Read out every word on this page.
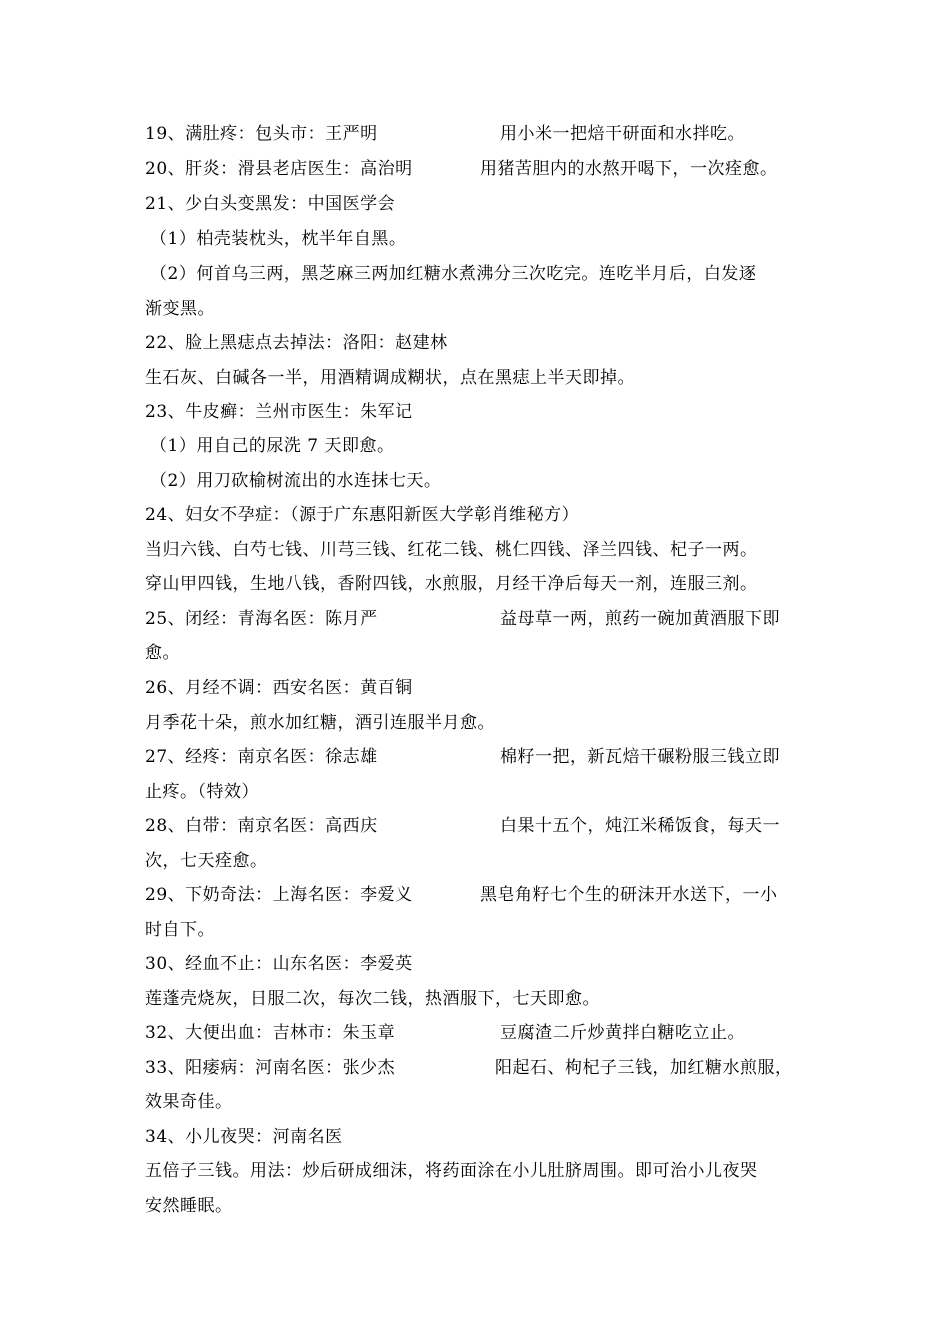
19、满肚疼：包头市：王严明	用小米一把焙干研面和水拌吃。
20、肝炎：滑县老店医生：高治明	用猪苦胆内的水熬开喝下，一次痊愈。
21、少白头变黑发：中国医学会
（1）柏壳装枕头，枕半年自黑。
（2）何首乌三两，黑芝麻三两加红糖水煮沸分三次吃完。连吃半月后，白发逐
渐变黑。
22、脸上黑痣点去掉法：洛阳：赵建林
生石灰、白碱各一半，用酒精调成糊状，点在黑痣上半天即掉。
23、牛皮癣：兰州市医生：朱军记
（1）用自己的尿洗 7 天即愈。
（2）用刀砍榆树流出的水连抹七天。
24、妇女不孕症：（源于广东惠阳新医大学彰肖维秘方）
当归六钱、白芍七钱、川芎三钱、红花二钱、桃仁四钱、泽兰四钱、杞子一两。
穿山甲四钱，生地八钱，香附四钱，水煎服，月经干净后每天一剂，连服三剂。
25、闭经：青海名医：陈月严	益母草一两，煎药一碗加黄酒服下即
愈。
26、月经不调：西安名医：黄百铜
月季花十朵，煎水加红糖，酒引连服半月愈。
27、经疼：南京名医：徐志雄	棉籽一把，新瓦焙干碾粉服三钱立即
止疼。（特效）
28、白带：南京名医：高西庆	白果十五个，炖江米稀饭食，每天一
次，七天痊愈。
29、下奶奇法：上海名医：李爱义	黑皂角籽七个生的研沫开水送下，一小
时自下。
30、经血不止：山东名医：李爱英
莲蓬壳烧灰，日服二次，每次二钱，热酒服下，七天即愈。
32、大便出血：吉林市：朱玉章	豆腐渣二斤炒黄拌白糖吃立止。
33、阳痿病：河南名医：张少杰	阳起石、枸杞子三钱，加红糖水煎服，
效果奇佳。
34、小儿夜哭：河南名医
五倍子三钱。用法：炒后研成细沫，将药面涂在小儿肚脐周围。即可治小儿夜哭
安然睡眠。
